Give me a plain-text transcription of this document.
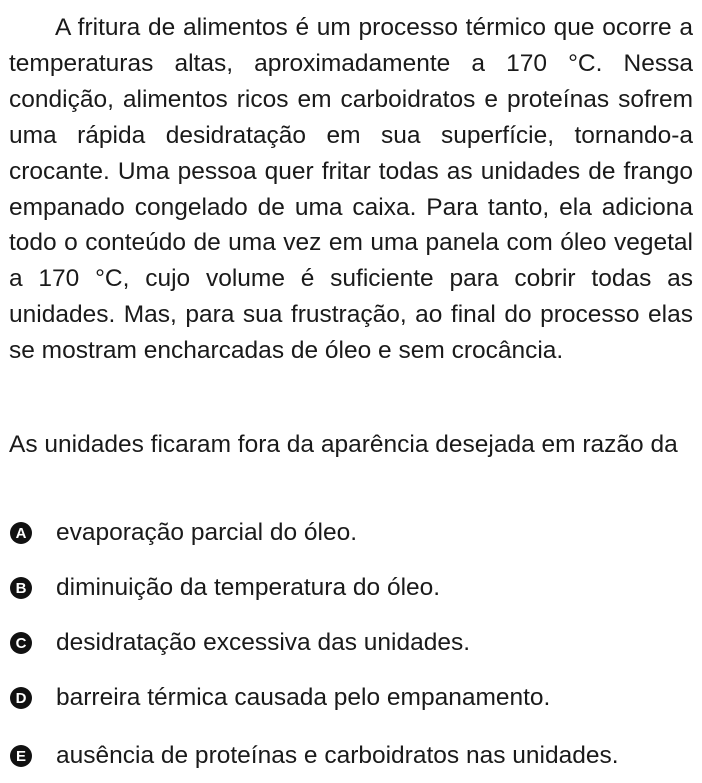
A fritura de alimentos é um processo térmico que ocorre a temperaturas altas, aproximadamente a 170 °C. Nessa condição, alimentos ricos em carboidratos e proteínas sofrem uma rápida desidratação em sua superfície, tornando-a crocante. Uma pessoa quer fritar todas as unidades de frango empanado congelado de uma caixa. Para tanto, ela adiciona todo o conteúdo de uma vez em uma panela com óleo vegetal a 170 °C, cujo volume é suficiente para cobrir todas as unidades. Mas, para sua frustração, ao final do processo elas se mostram encharcadas de óleo e sem crocância.

As unidades ficaram fora da aparência desejada em razão da

A evaporação parcial do óleo.
B diminuição da temperatura do óleo.
C desidratação excessiva das unidades.
D barreira térmica causada pelo empanamento.
E ausência de proteínas e carboidratos nas unidades.
